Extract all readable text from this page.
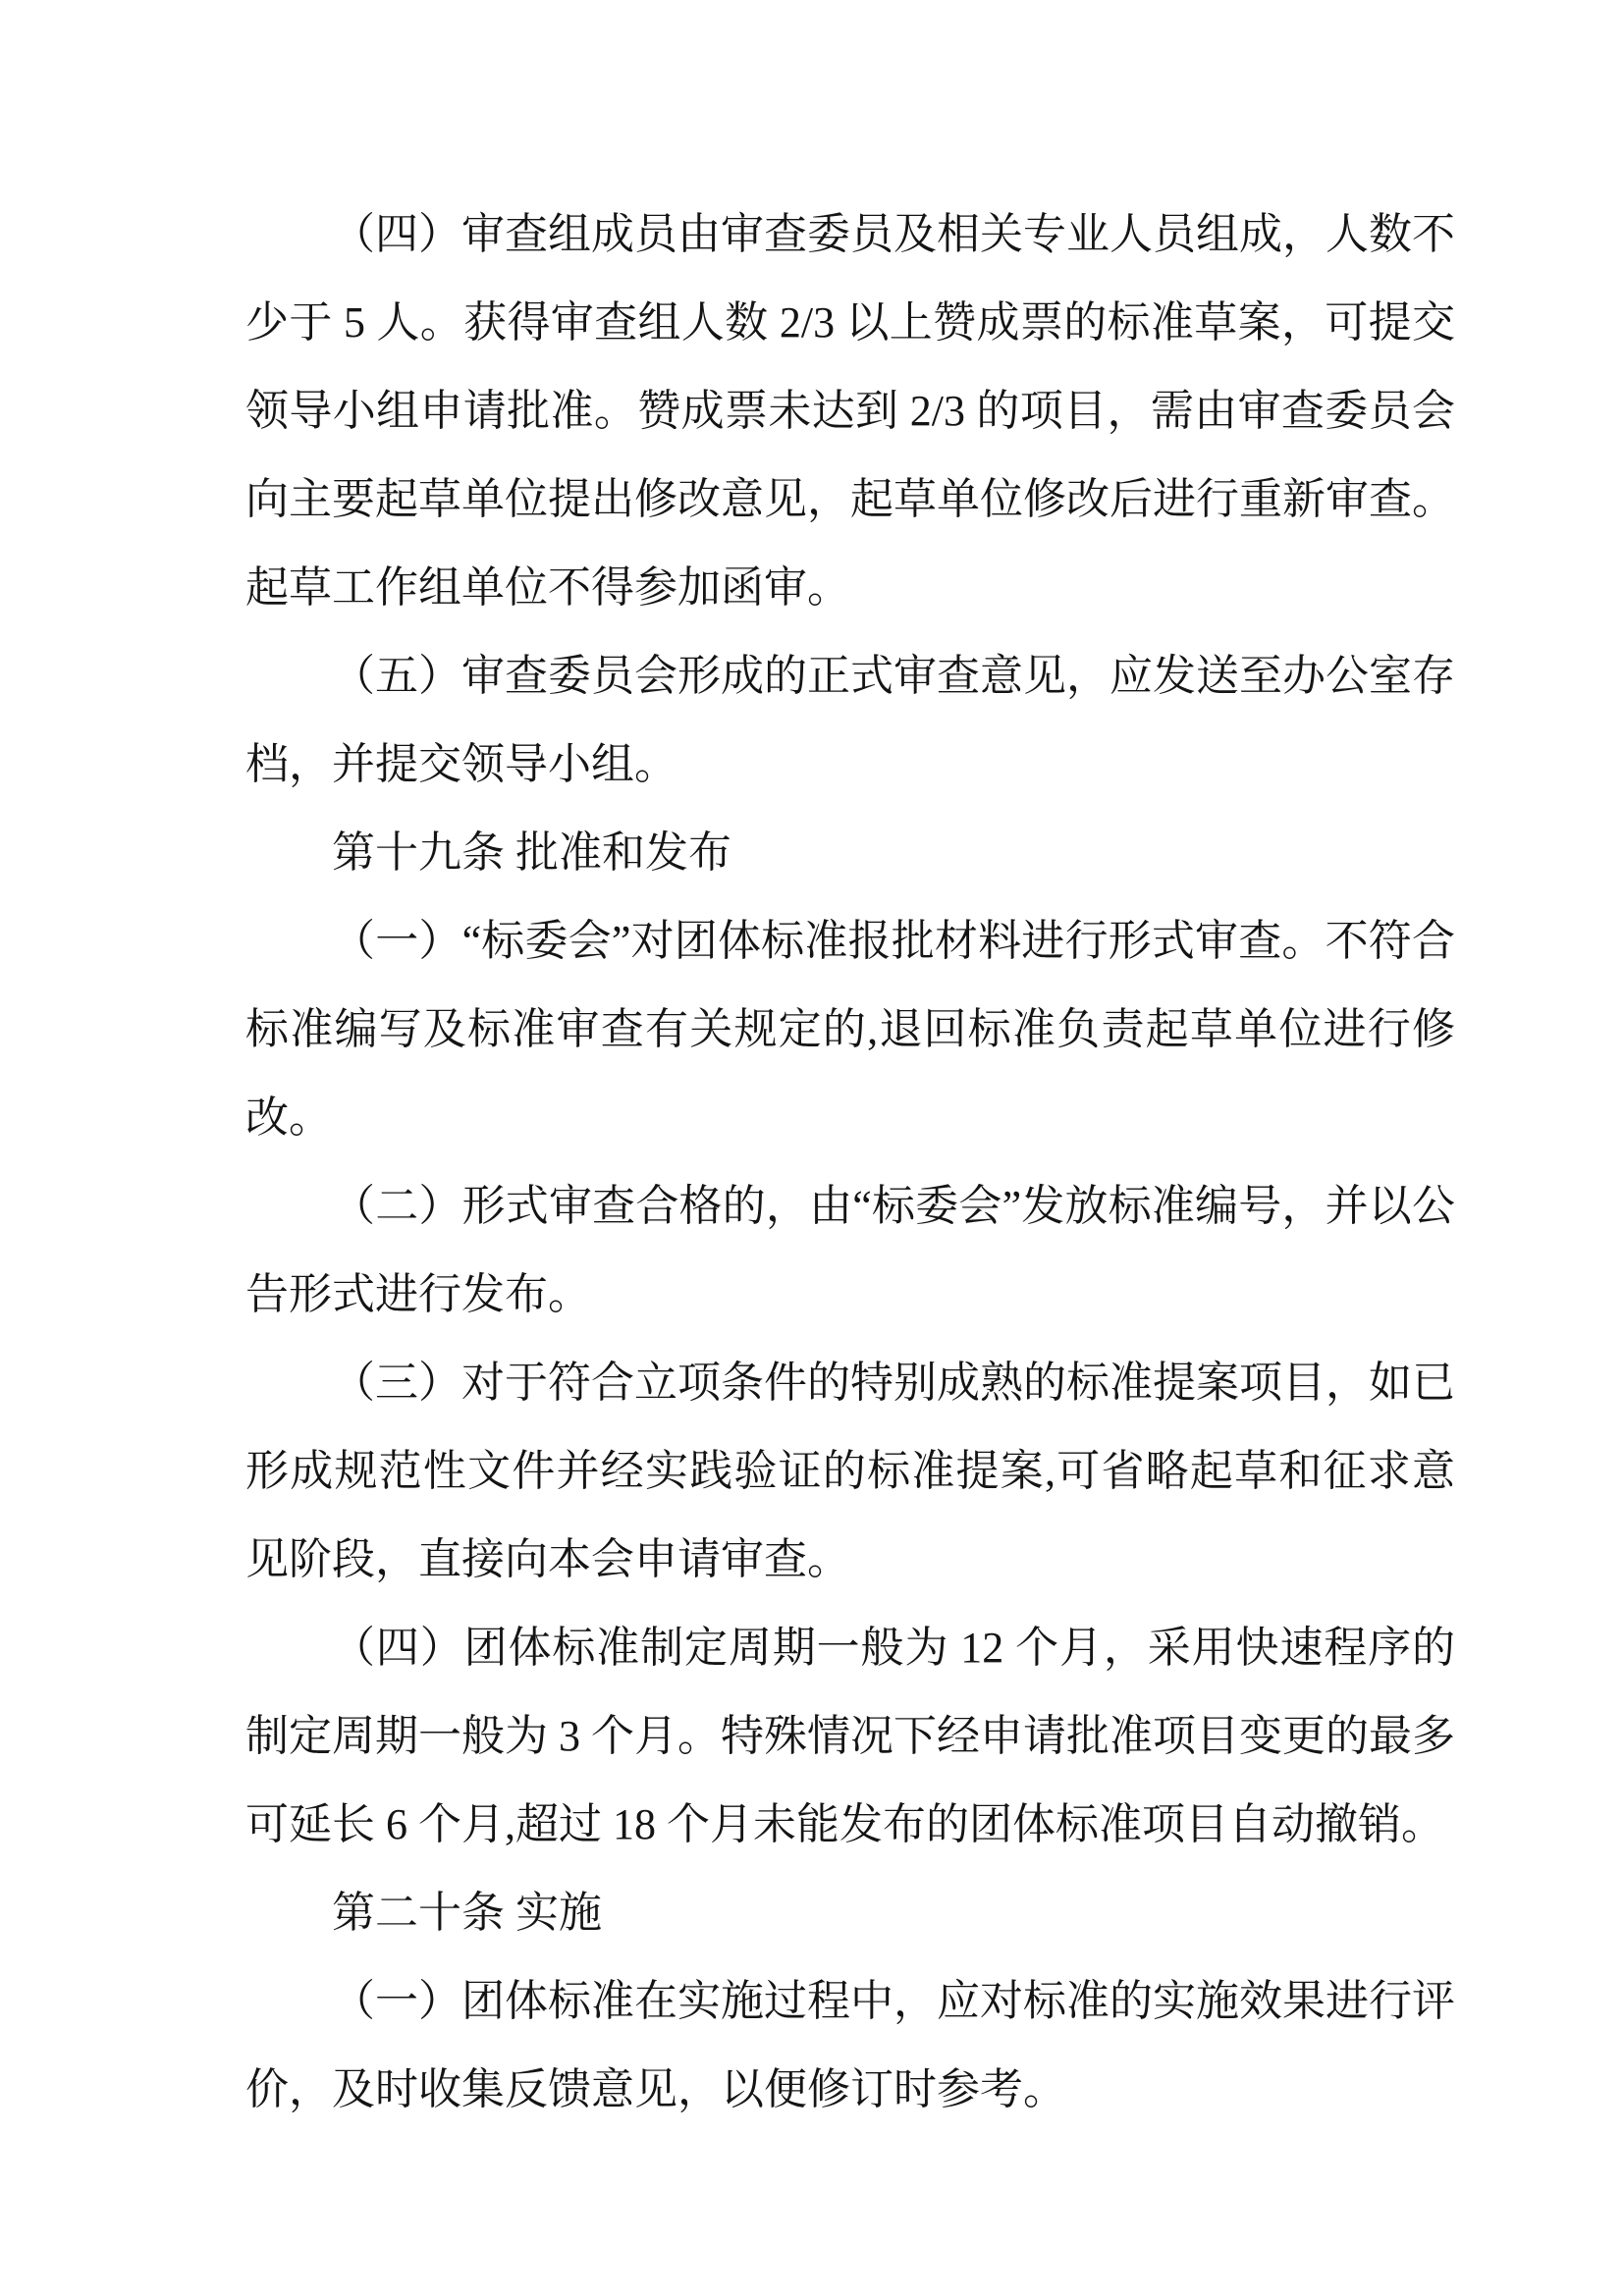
（四）审查组成员由审查委员及相关专业人员组成，人数不少于 5 人。获得审查组人数 2/3 以上赞成票的标准草案，可提交领导小组申请批准。赞成票未达到 2/3 的项目，需由审查委员会向主要起草单位提出修改意见，起草单位修改后进行重新审查。起草工作组单位不得参加函审。

（五）审查委员会形成的正式审查意见，应发送至办公室存档，并提交领导小组。

第十九条 批准和发布

（一）“标委会”对团体标准报批材料进行形式审查。不符合标准编写及标准审查有关规定的,退回标准负责起草单位进行修改。

（二）形式审查合格的，由“标委会”发放标准编号，并以公告形式进行发布。

（三）对于符合立项条件的特别成熟的标准提案项目，如已形成规范性文件并经实践验证的标准提案,可省略起草和征求意见阶段，直接向本会申请审查。

（四）团体标准制定周期一般为 12 个月，采用快速程序的制定周期一般为 3 个月。特殊情况下经申请批准项目变更的最多可延长 6 个月,超过 18 个月未能发布的团体标准项目自动撤销。

第二十条 实施

（一）团体标准在实施过程中，应对标准的实施效果进行评价，及时收集反馈意见，以便修订时参考。
